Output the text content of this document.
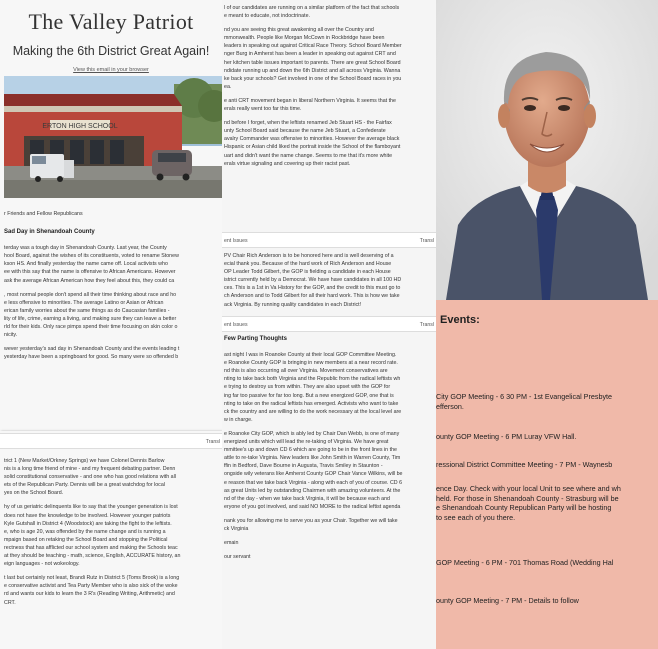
The Valley Patriot
Making the 6th District Great Again!
View this email in your browser
ERTON HIGH SCHOOL
r Friends and Fellow Republicans
Sad Day in Shenandoah County

terday was a tough day in Shenandoah County. Last year, the County
hool Board, against the wishes of its constituents, voted to rename Stonew
kson HS. And finally yesterday the name came off. Local activists who
ee with this say that the name is offensive to African Americans. However
ask the average African American how they feel about this, they could ca

, most normal people don't spend all their time thinking about race and ho
e less offensive to minorities. The average Latino or Asian or African
erican family worries about the same things as do Caucasian families -
lity of life, crime, earning a living, and making sure they can leave a better
rld for their kids. Only race pimps spend their time focusing on skin color o
nicity.

wever yesterday's sad day in Shenandoah County and the events leading t
yesterday have been a springboard for good. So many were so offended b

Transl

trict 1 (New Market/Orkney Springs) we have Colonel Dennis Barlow
nis is a long time friend of mine - and my frequent debating partner. Denn
solid constitutional conservative - and one who has good relations with all
ets of the Republican Party. Dennis will be a great watchdog for local
yes on the School Board.

hy of us geriatric delinquents like to say that the younger generation is lost
does not have the knowledge to be involved. However younger patriots
Kyle Gutshall in District 4 (Woodstock) are taking the fight to the leftists.
e, who is age 20, was offended by the name change and is running a
mpaign based on retaking the School Board and stopping the Political
rectness that has afflicted our school system and making the Schools teac
at they should be teaching - math, science, English, ACCURATE history, an
eign languages - not wokeology.

t last but certainly not least, Brandi Rutz in District 5 (Toms Brook) is a long
e conservative activist and Tea Party Member who is also sick of the woke
rd and wants our kids to learn the 3 R's (Reading Writing, Arithmetic) and
CRT.

l of our candidates are running on a similar platform of the fact that schools
e meant to educate, not indoctrinate.

nd you are seeing this great awakening all over the Country and
mmonwealth. People like Morgan McCown in Rockbridge have been
leaders in speaking out against Critical Race Theory. School Board Member
nger Burg in Amherst has been a leader in speaking out against CRT and
her kitchen table issues important to parents. There are great School Board
ndidate running up and down the 6th District and all across Virginia. Wanna
ke back your schools? Get involved in one of the School Board races in you
ea.

e anti CRT movement began in liberal Northern Virginia. It seems that the
erals really went too far this time.

nd before I forget, when the leftists renamed Jeb Stuart HS - the Fairfax
unty School Board said because the name Jeb Stuart, a Confederate
avalry Commander was offensive to minorities. However the average black
Hispanic or Asian child liked the portrait inside the School of the flamboyant
uart and didn't want the name change. Seems to me that it's more white
erals virtue signaling and covering up their racist past.

ent Issues	Transl

PV Chair Rich Anderson is to be honored here and is well deserving of a
ecial thank you. Because of the hard work of Rich Anderson and House
OP Leader Todd Gilbert, the GOP is fielding a candidate in each House
istrict currently held by a Democrat. We have have candidates in all 100 HD
ces. This is a 1st in Va History for the GOP, and the credit to this must go to
ch Anderson and to Todd Gilbert for all their hard work. This is how we take
ack Virginia. By running quality candidates in each District!

ent Issues	Transl
Few Parting Thoughts

ast night I was in Roanoke County at their local GOP Committee Meeting.
e Roanoke County GOP is bringing in new members at a near record rate.
nd this is also occurring all over Virginia. Movement conservatives are
nting to take back both Virginia and the Republic from the radical leftists wh
e trying to destroy us from within. They are also upset with the GOP for
ing far too passive for far too long. But a new energized GOP, one that is
nting to take on the radical leftists has emerged. Activists who want to take
ck the country and are willing to do the work necessary at the local level are
w in charge.

e Roanoke City GOP, which is ably led by Chair Dan Webb, is one of many
energized units which will lead the re-taking of Virginia. We have great
mmittee's up and down CD 6 which are going to be in the front lines in the
attle to re-take Virginia. New leaders like John Smith in Warren County, Tim
ffin in Bedford, Dave Bourne in Augusta, Travis Smiley in Staunton -
ongside wily veterans like Amherst County GOP Chair Vance Wilkins, will be
e reason that we take back Virginia - along with each of you of course. CD 6
as great Units led by outstanding Chairmen with amazing volunteers. At the
nd of the day - when we take back Virginia, it will be because each and
eryone of you got involved, and said NO MORE to the radical leftist agenda

nank you for allowing me to serve you as your Chair. Together we will take
ck Virginia

emain

our servant

Events:
City GOP Meeting - 6 30 PM - 1st Evangelical Presbyte
efferson.
ounty GOP Meeting - 6 PM Luray VFW Hall.
ressional District Committee Meeting - 7 PM - Waynesb
ence Day. Check with your local Unit to see where and wh
held. For those in Shenandoah County - Strasburg will be
e Shenandoah County Republican Party will be hosting
to see each of you there.
GOP Meeting - 6 PM - 701 Thomas Road (Wedding Hal
ounty GOP Meeting - 7 PM - Details to follow
